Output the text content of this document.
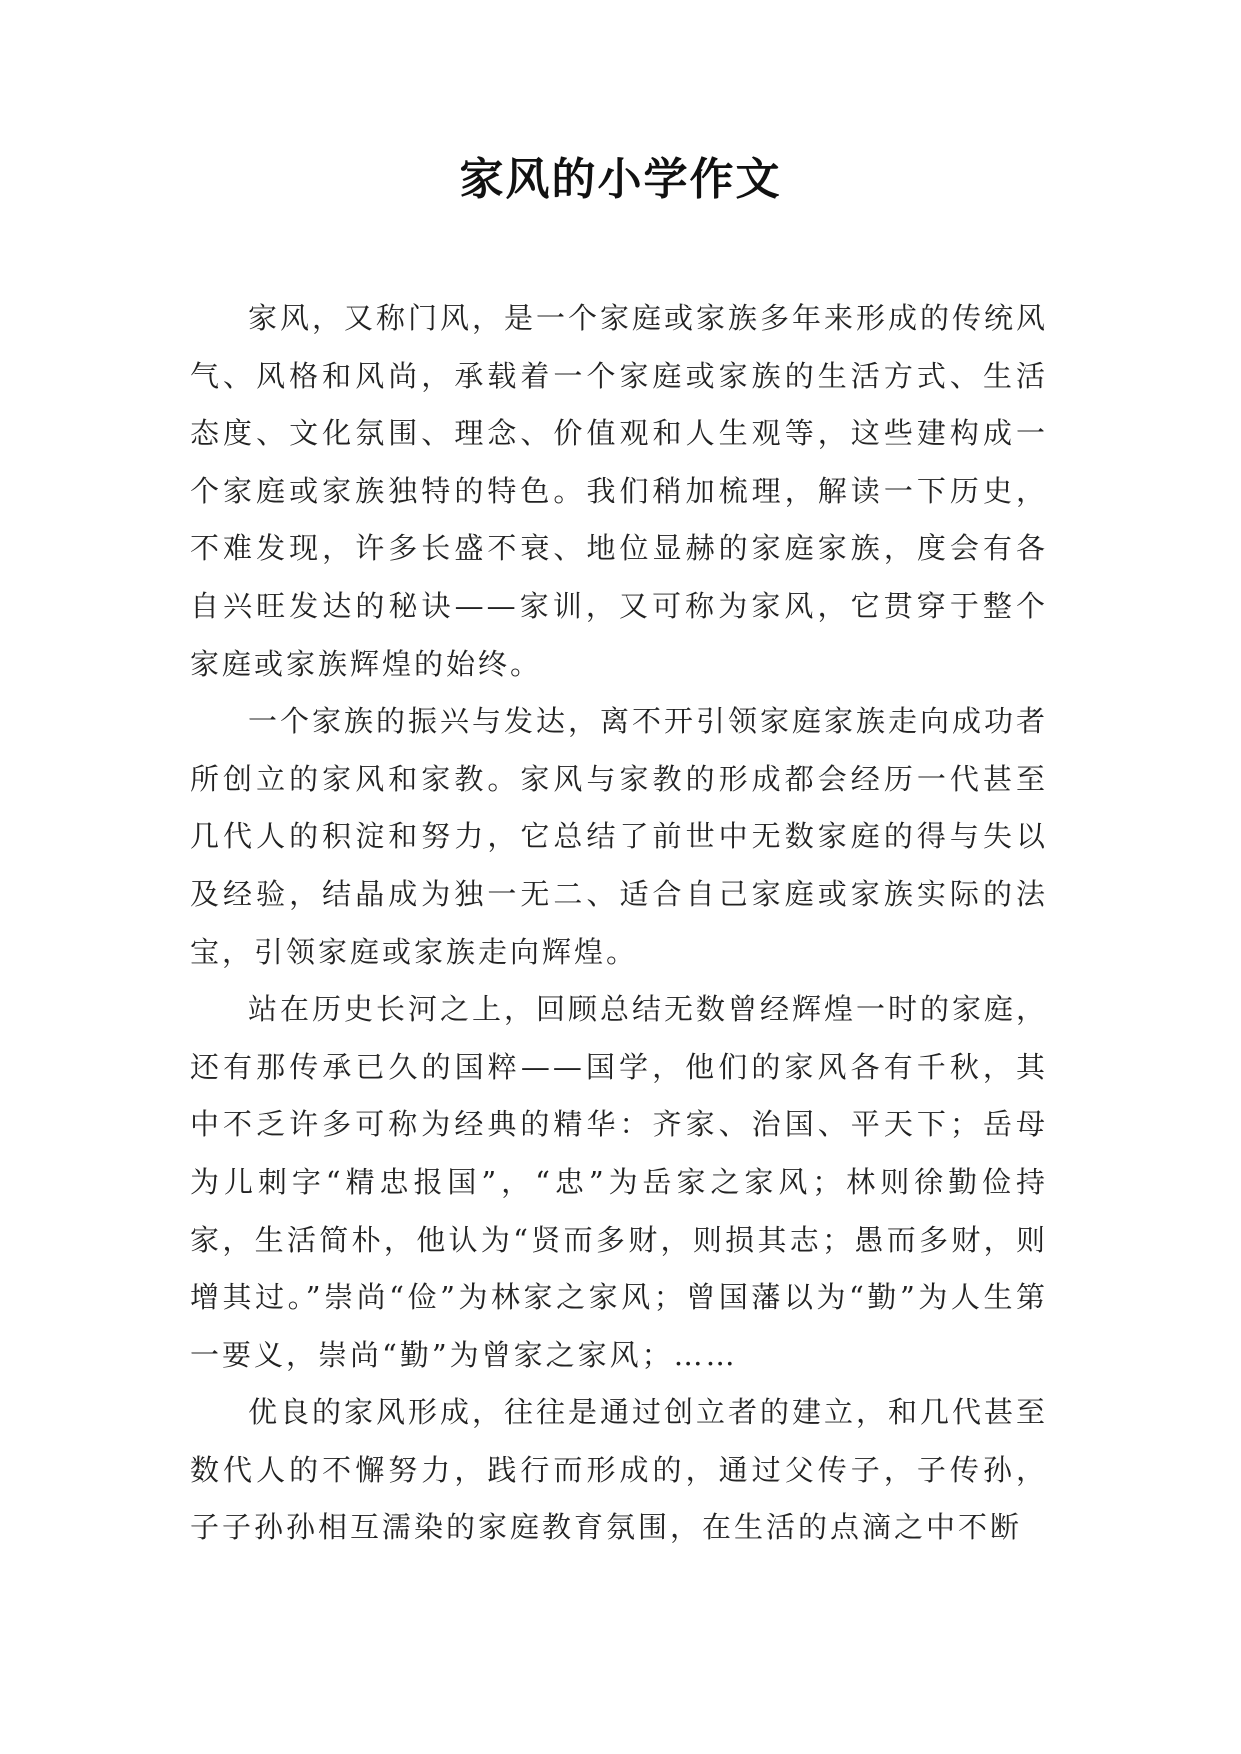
家风的小学作文

家风，又称门风，是一个家庭或家族多年来形成的传统风气、风格和风尚，承载着一个家庭或家族的生活方式、生活态度、文化氛围、理念、价值观和人生观等，这些建构成一个家庭或家族独特的特色。我们稍加梳理，解读一下历史，不难发现，许多长盛不衰、地位显赫的家庭家族，度会有各自兴旺发达的秘诀——家训，又可称为家风，它贯穿于整个家庭或家族辉煌的始终。

一个家族的振兴与发达，离不开引领家庭家族走向成功者所创立的家风和家教。家风与家教的形成都会经历一代甚至几代人的积淀和努力，它总结了前世中无数家庭的得与失以及经验，结晶成为独一无二、适合自己家庭或家族实际的法宝，引领家庭或家族走向辉煌。

站在历史长河之上，回顾总结无数曾经辉煌一时的家庭，还有那传承已久的国粹——国学，他们的家风各有千秋，其中不乏许多可称为经典的精华：齐家、治国、平天下；岳母为儿刺字“精忠报国”，“忠”为岳家之家风；林则徐勤俭持家，生活简朴，他认为“贤而多财，则损其志；愚而多财，则增其过。”崇尚“俭”为林家之家风；曾国藩以为“勤”为人生第一要义，崇尚“勤”为曾家之家风；……

优良的家风形成，往往是通过创立者的建立，和几代甚至数代人的不懈努力，践行而形成的，通过父传子，子传孙，子子孙孙相互濡染的家庭教育氛围，在生活的点滴之中不断
